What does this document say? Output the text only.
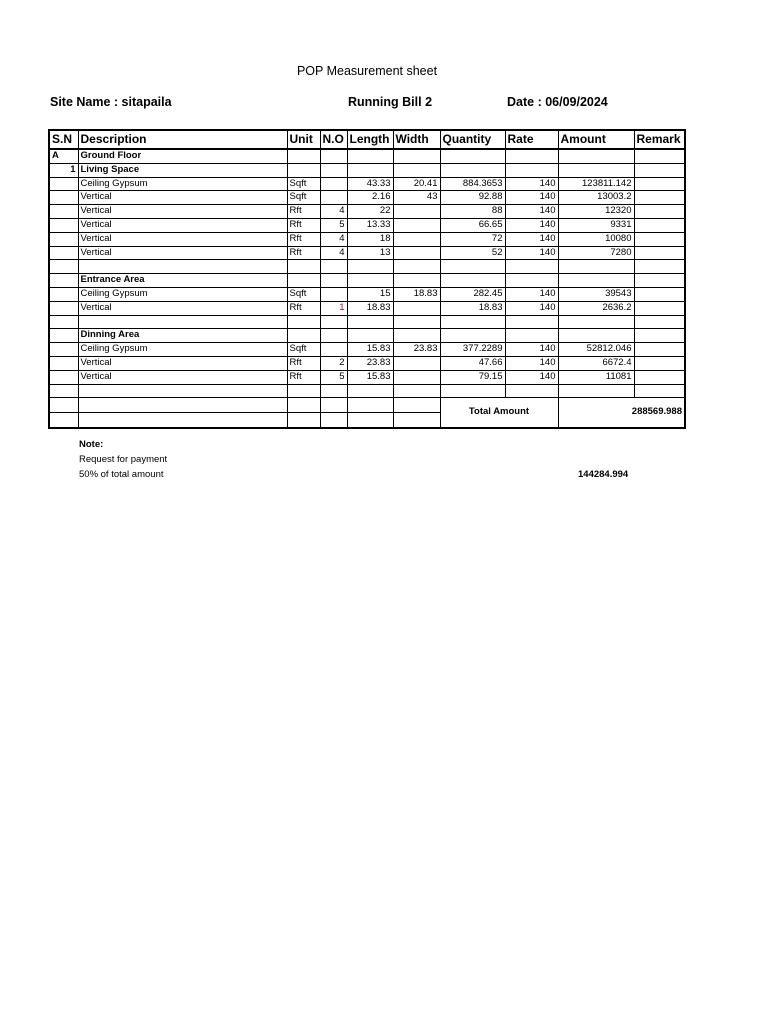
POP Measurement sheet
Site Name : sitapaila	Running Bill 2	Date : 06/09/2024
S.N	Description	Unit	N.O	Length	Width	Quantity	Rate	Amount	Remark
A	Ground Floor								
1	Living Space								
	Ceiling Gypsum	Sqft		43.33	20.41	884.3653	140	123811.142	
	Vertical	Sqft		2.16	43	92.88	140	13003.2	
	Vertical	Rft	4	22		88	140	12320	
	Vertical	Rft	5	13.33		66.65	140	9331	
	Vertical	Rft	4	18		72	140	10080	
	Vertical	Rft	4	13		52	140	7280	

	Entrance Area								
	Ceiling Gypsum	Sqft		15	18.83	282.45	140	39543	
	Vertical	Rft	1	18.83		18.83	140	2636.2	

	Dinning Area								
	Ceiling Gypsum	Sqft		15.83	23.83	377.2289	140	52812.046	
	Vertical	Rft	2	23.83		47.66	140	6672.4	
	Vertical	Rft	5	15.83		79.15	140	11081	

						Total Amount		288569.988	

Note:
Request for payment
50% of total amount	144284.994
